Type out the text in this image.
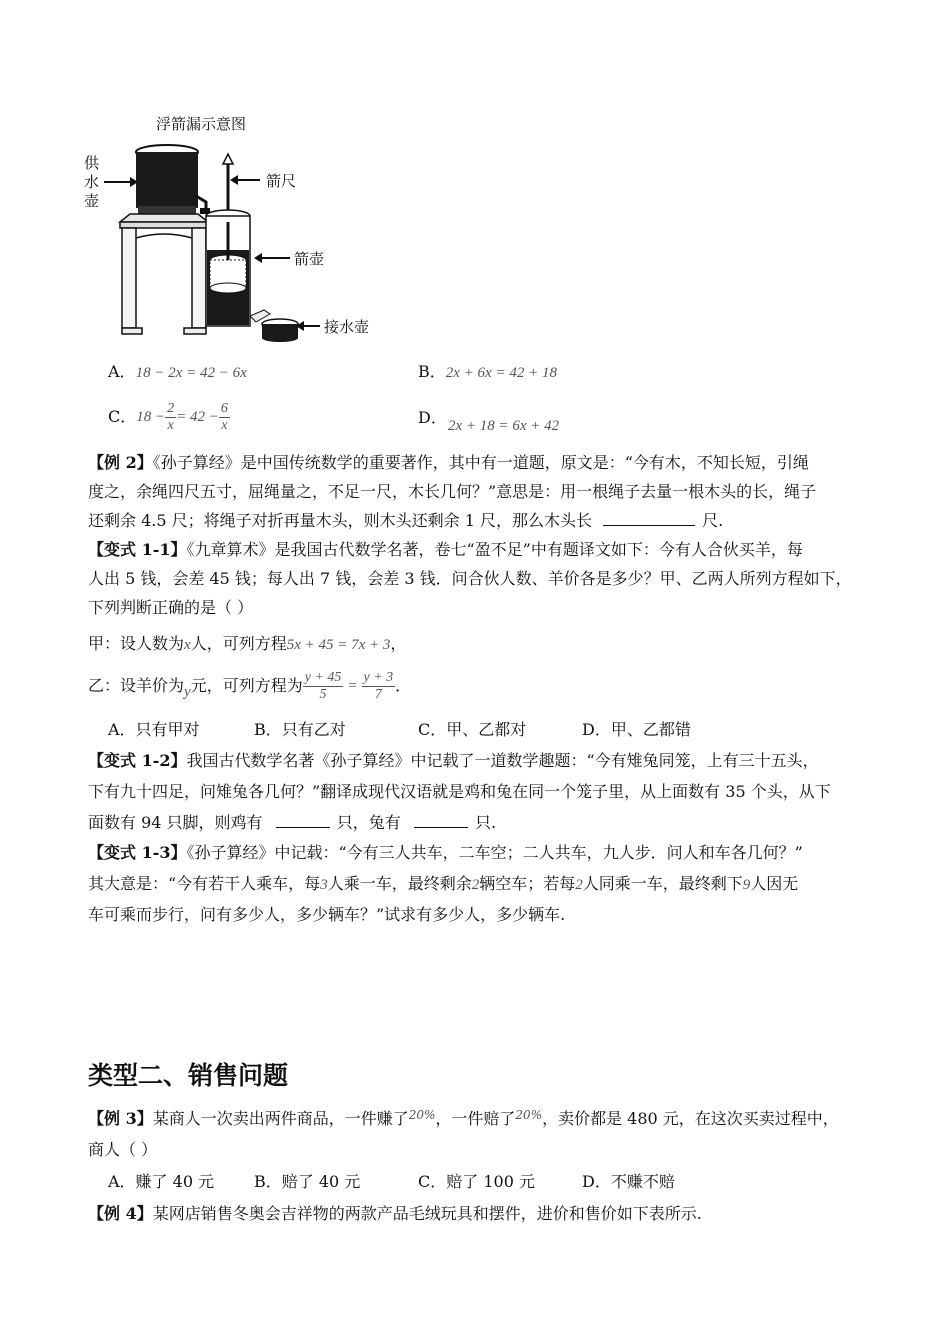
浮箭漏示意图
供
水
壶
箭尺
箭壶
接水壶
A．18 − 2x = 42 − 6x	B．2x + 6x = 42 + 18
C． $18 - \frac{2}{x} = 42 - \frac{6}{x}$	D． 2x + 18 = 6x + 42
【例 2】《孙子算经》是中国传统数学的重要著作，其中有一道题，原文是：“今有木，不知长短，引绳
度之，余绳四尺五寸，屈绳量之，不足一尺，木长几何？”意思是：用一根绳子去量一根木头的长，绳子
还剩余 4.5 尺；将绳子对折再量木头，则木头还剩余 1 尺，那么木头长	尺.
【变式 1-1】《九章算术》是我国古代数学名著，卷七“盈不足”中有题译文如下：今有人合伙买羊，每
人出 5 钱，会差 45 钱；每人出 7 钱，会差 3 钱．问合伙人数、羊价各是多少？甲、乙两人所列方程如下，
下列判断正确的是（ ）
甲：设人数为x人，可列方程5x + 45 = 7x + 3，
乙：设羊价为 y 元，可列方程为 $\frac{y + 45}{5} = \frac{y + 3}{7}$ ．
A．只有甲对	B．只有乙对	C．甲、乙都对	D．甲、乙都错
【变式 1-2】我国古代数学名著《孙子算经》中记载了一道数学趣题：“今有雉兔同笼，上有三十五头，
下有九十四足，问雉兔各几何？”翻译成现代汉语就是鸡和兔在同一个笼子里，从上面数有 35 个头，从下
面数有 94 只脚，则鸡有	只，兔有	只.
【变式 1-3】《孙子算经》中记载：“今有三人共车，二车空；二人共车，九人步．问人和车各几何？”
其大意是：“今有若干人乘车，每3人乘一车，最终剩余2辆空车；若每2人同乘一车，最终剩下9人因无
车可乘而步行，问有多少人，多少辆车？”试求有多少人，多少辆车.
类型二、销售问题
【例 3】某商人一次卖出两件商品，一件赚了$^{20\%}$，一件赔了$^{20\%}$，卖价都是 480 元，在这次买卖过程中，
商人（ ）
A．赚了 40 元 B．赔了 40 元	C．赔了 100 元	D．不赚不赔
【例 4】某网店销售冬奥会吉祥物的两款产品毛绒玩具和摆件，进价和售价如下表所示.
